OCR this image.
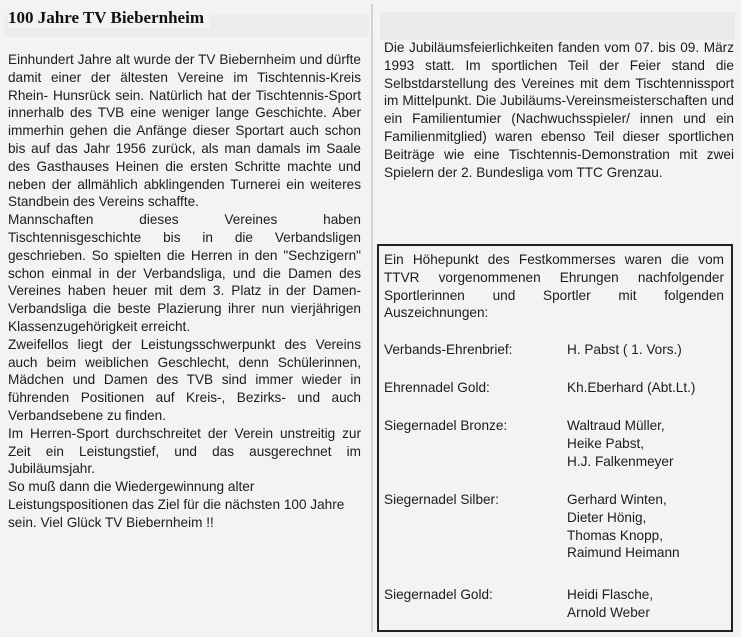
100 Jahre TV Biebernheim

Einhundert Jahre alt wurde der TV Biebernheim und dürfte damit einer der ältesten Vereine im Tischtennis-Kreis Rhein- Hunsrück sein. Natürlich hat der Tischtennis-Sport innerhalb des TVB eine weniger lange Geschichte. Aber immerhin gehen die Anfänge dieser Sportart auch schon bis auf das Jahr 1956 zurück, als man damals im Saale des Gasthauses Heinen die ersten Schritte machte und neben der allmählich abklingenden Turnerei ein weiteres Standbein des Vereins schaffte.

Mannschaften dieses Vereines haben Tischtennisgeschichte bis in die Verbandsligen geschrieben. So spielten die Herren in den "Sechzigern" schon einmal in der Verbandsliga, und die Damen des Vereines haben heuer mit dem 3. Platz in der Damen-Verbandsliga die beste Plazierung ihrer nun vierjährigen Klassenzugehörigkeit erreicht.

Zweifellos liegt der Leistungsschwerpunkt des Vereins auch beim weiblichen Geschlecht, denn Schülerinnen, Mädchen und Damen des TVB sind immer wieder in führenden Positionen auf Kreis-, Bezirks- und auch Verbandsebene zu finden.

Im Herren-Sport durchschreitet der Verein unstreitig zur Zeit ein Leistungstief, und das ausgerechnet im Jubiläumsjahr.

So muß dann die Wiedergewinnung alter Leistungspositionen das Ziel für die nächsten 100 Jahre sein. Viel Glück TV Biebernheim !!

Die Jubiläumsfeierlichkeiten fanden vom 07. bis 09. März 1993 statt. Im sportlichen Teil der Feier stand die Selbstdarstellung des Vereines mit dem Tischtennissport im Mittelpunkt. Die Jubiläums-Vereinsmeisterschaften und ein Familientumier (Nachwuchsspieler/ innen und ein Familienmitglied) waren ebenso Teil dieser sportlichen Beiträge wie eine Tischtennis-Demonstration mit zwei Spielern der 2. Bundesliga vom TTC Grenzau.

Ein Höhepunkt des Festkommerses waren die vom TTVR vorgenommenen Ehrungen nachfolgender Sportlerinnen und Sportler mit folgenden Auszeichnungen:
Verbands-Ehrenbrief:	H. Pabst ( 1. Vors.)
Ehrennadel Gold:	Kh.Eberhard (Abt.Lt.)
Siegernadel Bronze:	Waltraud Müller,
Heike Pabst,
H.J. Falkenmeyer
Siegernadel Silber:	Gerhard Winten,
Dieter Hönig,
Thomas Knopp,
Raimund Heimann
Siegernadel Gold:	Heidi Flasche,
Arnold Weber
